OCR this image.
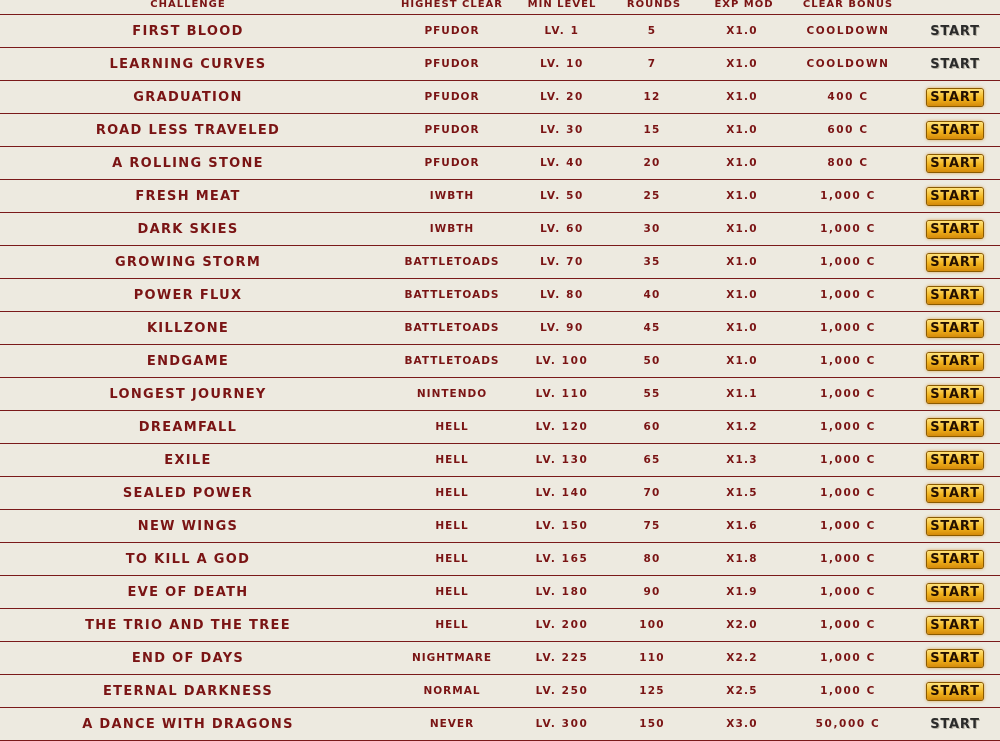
CHALLENGE	HIGHEST CLEAR	MIN LEVEL	ROUNDS	EXP MOD	CLEAR BONUS
FIRST BLOOD	PFUDOR	LV. 1	5	X1.0	COOLDOWN	START
LEARNING CURVES	PFUDOR	LV. 10	7	X1.0	COOLDOWN	START
GRADUATION	PFUDOR	LV. 20	12	X1.0	400 C	START
ROAD LESS TRAVELED	PFUDOR	LV. 30	15	X1.0	600 C	START
A ROLLING STONE	PFUDOR	LV. 40	20	X1.0	800 C	START
FRESH MEAT	IWBTH	LV. 50	25	X1.0	1,000 C	START
DARK SKIES	IWBTH	LV. 60	30	X1.0	1,000 C	START
GROWING STORM	BATTLETOADS	LV. 70	35	X1.0	1,000 C	START
POWER FLUX	BATTLETOADS	LV. 80	40	X1.0	1,000 C	START
KILLZONE	BATTLETOADS	LV. 90	45	X1.0	1,000 C	START
ENDGAME	BATTLETOADS	LV. 100	50	X1.0	1,000 C	START
LONGEST JOURNEY	NINTENDO	LV. 110	55	X1.1	1,000 C	START
DREAMFALL	HELL	LV. 120	60	X1.2	1,000 C	START
EXILE	HELL	LV. 130	65	X1.3	1,000 C	START
SEALED POWER	HELL	LV. 140	70	X1.5	1,000 C	START
NEW WINGS	HELL	LV. 150	75	X1.6	1,000 C	START
TO KILL A GOD	HELL	LV. 165	80	X1.8	1,000 C	START
EVE OF DEATH	HELL	LV. 180	90	X1.9	1,000 C	START
THE TRIO AND THE TREE	HELL	LV. 200	100	X2.0	1,000 C	START
END OF DAYS	NIGHTMARE	LV. 225	110	X2.2	1,000 C	START
ETERNAL DARKNESS	NORMAL	LV. 250	125	X2.5	1,000 C	START
A DANCE WITH DRAGONS	NEVER	LV. 300	150	X3.0	50,000 C	START
